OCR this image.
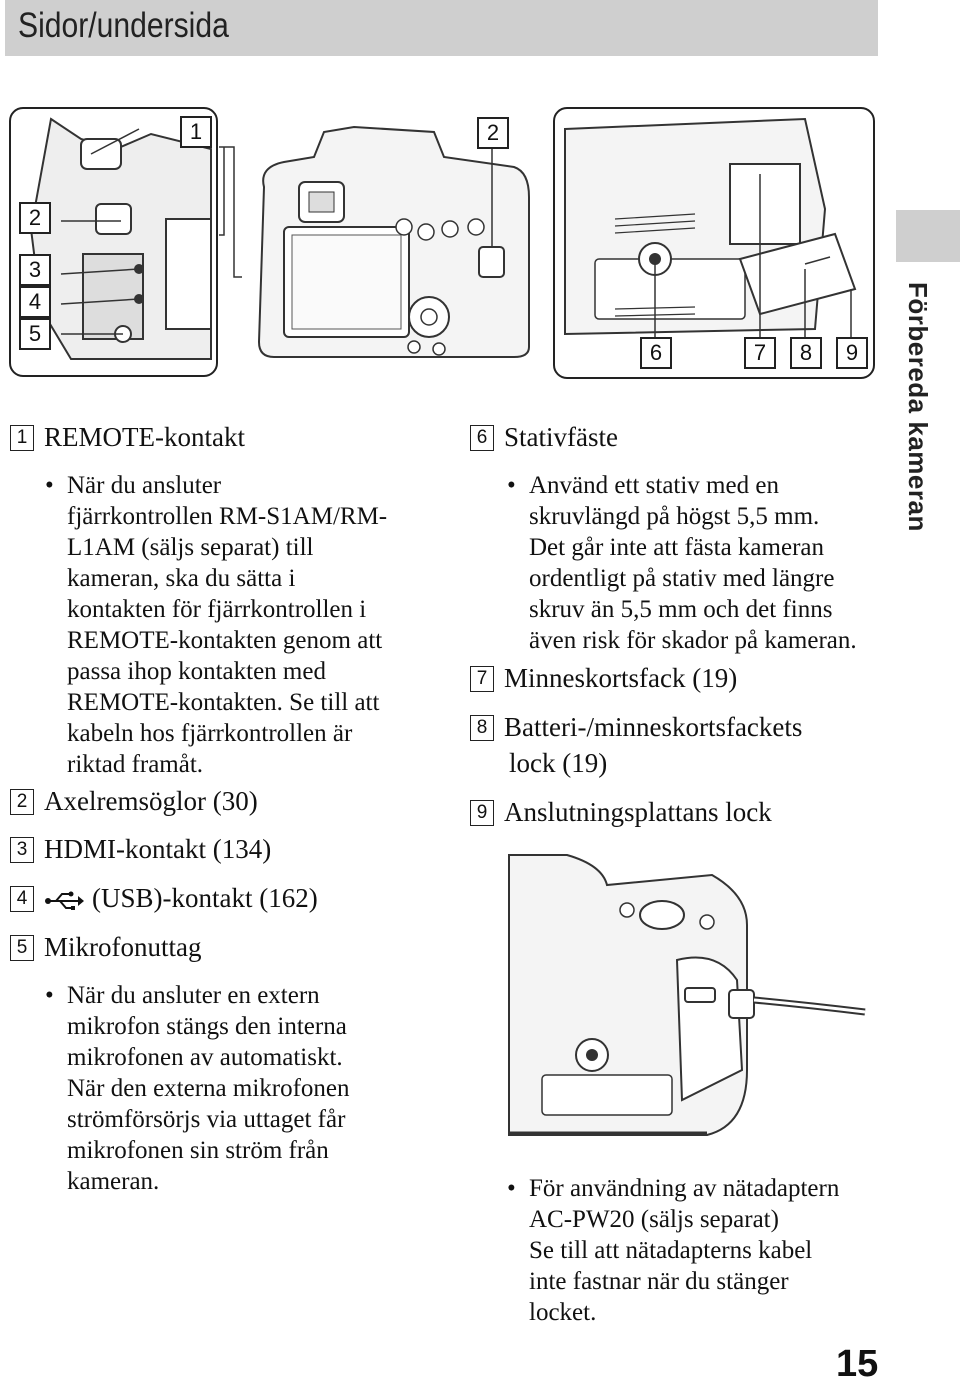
Sidor/undersida
Förbereda kameran
1
2
3
4
5
2
6	7	8	9
1 REMOTE-kontakt
• När du ansluter
fjärrkontrollen RM-S1AM/RM-
L1AM (säljs separat) till
kameran, ska du sätta i
kontakten för fjärrkontrollen i
REMOTE-kontakten genom att
passa ihop kontakten med
REMOTE-kontakten. Se till att
kabeln hos fjärrkontrollen är
riktad framåt.
2 Axelremsöglor (30)
3 HDMI-kontakt (134)
4 (USB)-kontakt (162)
5 Mikrofonuttag
• När du ansluter en extern
mikrofon stängs den interna
mikrofonen av automatiskt.
När den externa mikrofonen
strömförsörjs via uttaget får
mikrofonen sin ström från
kameran.
6 Stativfäste
• Använd ett stativ med en
skruvlängd på högst 5,5 mm.
Det går inte att fästa kameran
ordentligt på stativ med längre
skruv än 5,5 mm och det finns
även risk för skador på kameran.
7 Minneskortsfack (19)
8 Batteri-/minneskortsfackets
lock (19)
9 Anslutningsplattans lock
• För användning av nätadaptern
AC-PW20 (säljs separat)
Se till att nätadapterns kabel
inte fastnar när du stänger
locket.
15
